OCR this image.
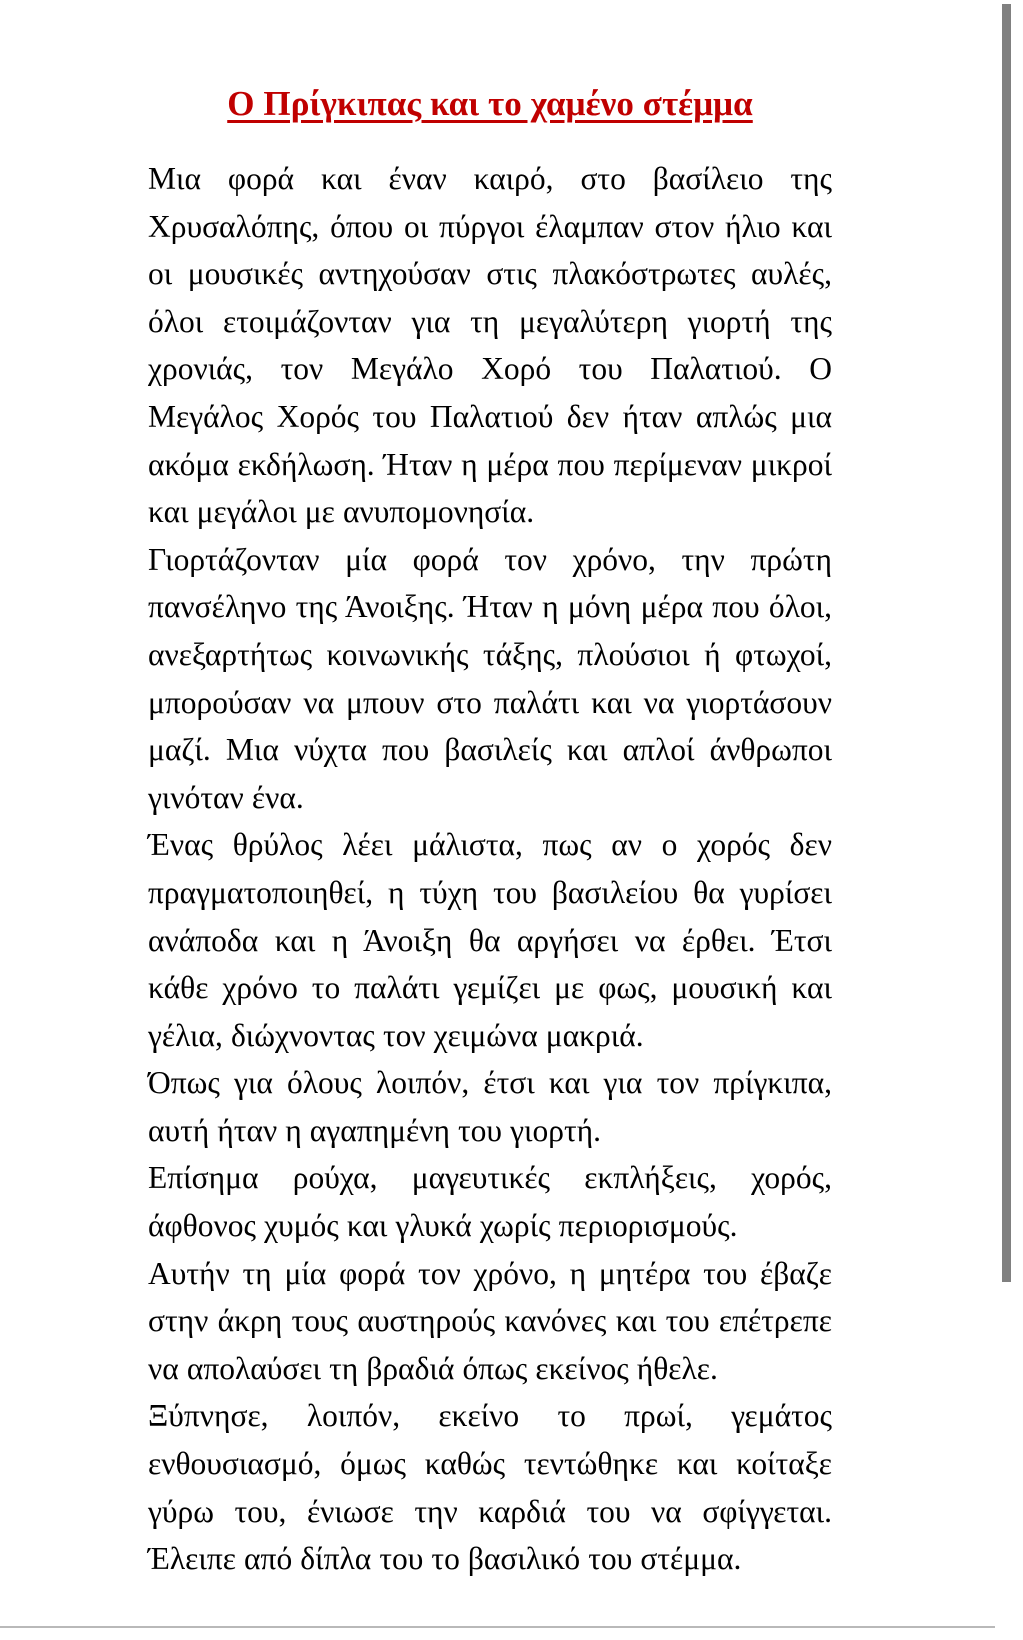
Ο Πρίγκιπας και το χαμένο στέμμα

Μια φορά και έναν καιρό, στο βασίλειο της Χρυσαλόπης, όπου οι πύργοι έλαμπαν στον ήλιο και οι μουσικές αντηχούσαν στις πλακόστρωτες αυλές, όλοι ετοιμάζονταν για τη μεγαλύτερη γιορτή της χρονιάς, τον Μεγάλο Χορό του Παλατιού. Ο Μεγάλος Χορός του Παλατιού δεν ήταν απλώς μια ακόμα εκδήλωση. Ήταν η μέρα που περίμεναν μικροί και μεγάλοι με ανυπομονησία.

Γιορτάζονταν μία φορά τον χρόνο, την πρώτη πανσέληνο της Άνοιξης. Ήταν η μόνη μέρα που όλοι, ανεξαρτήτως κοινωνικής τάξης, πλούσιοι ή φτωχοί, μπορούσαν να μπουν στο παλάτι και να γιορτάσουν μαζί. Μια νύχτα που βασιλείς και απλοί άνθρωποι γινόταν ένα.

Ένας θρύλος λέει μάλιστα, πως αν ο χορός δεν πραγματοποιηθεί, η τύχη του βασιλείου θα γυρίσει ανάποδα και η Άνοιξη θα αργήσει να έρθει. Έτσι κάθε χρόνο το παλάτι γεμίζει με φως, μουσική και γέλια, διώχνοντας τον χειμώνα μακριά.

Όπως για όλους λοιπόν, έτσι και για τον πρίγκιπα, αυτή ήταν η αγαπημένη του γιορτή.

Επίσημα ρούχα, μαγευτικές εκπλήξεις, χορός, άφθονος χυμός και γλυκά χωρίς περιορισμούς.

Αυτήν τη μία φορά τον χρόνο, η μητέρα του έβαζε στην άκρη τους αυστηρούς κανόνες και του επέτρεπε να απολαύσει τη βραδιά όπως εκείνος ήθελε.

Ξύπνησε, λοιπόν, εκείνο το πρωί, γεμάτος ενθουσιασμό, όμως καθώς τεντώθηκε και κοίταξε γύρω του, ένιωσε την καρδιά του να σφίγγεται. Έλειπε από δίπλα του το βασιλικό του στέμμα.
